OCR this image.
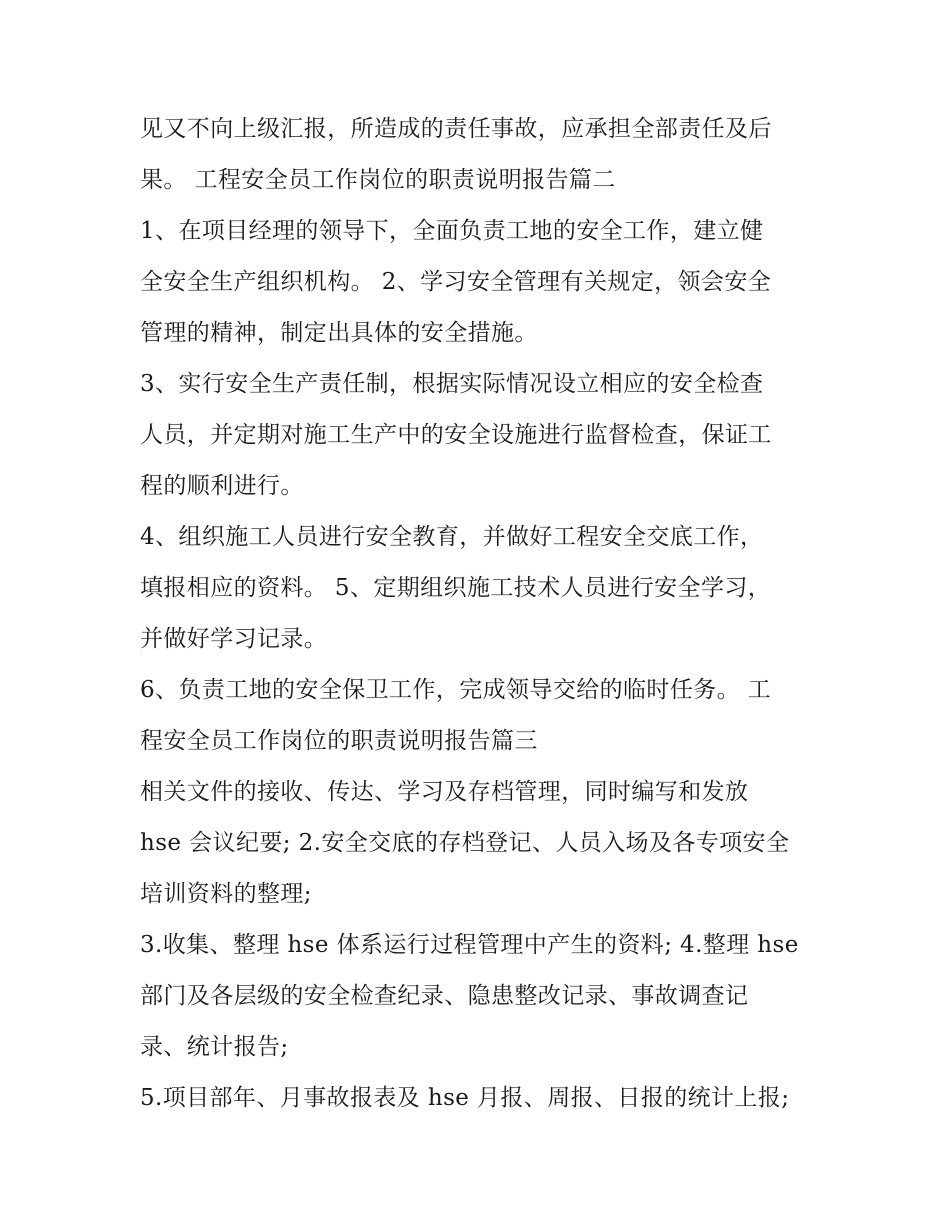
见又不向上级汇报，所造成的责任事故，应承担全部责任及后
果。 工程安全员工作岗位的职责说明报告篇二
1、在项目经理的领导下，全面负责工地的安全工作，建立健
全安全生产组织机构。 2、学习安全管理有关规定，领会安全
管理的精神，制定出具体的安全措施。
3、实行安全生产责任制，根据实际情况设立相应的安全检查
人员，并定期对施工生产中的安全设施进行监督检查，保证工
程的顺利进行。
4、组织施工人员进行安全教育，并做好工程安全交底工作，
填报相应的资料。 5、定期组织施工技术人员进行安全学习，
并做好学习记录。
6、负责工地的安全保卫工作，完成领导交给的临时任务。 工
程安全员工作岗位的职责说明报告篇三
相关文件的接收、传达、学习及存档管理，同时编写和发放
hse 会议纪要; 2.安全交底的存档登记、人员入场及各专项安全
培训资料的整理;
3.收集、整理 hse 体系运行过程管理中产生的资料; 4.整理 hse
部门及各层级的安全检查纪录、隐患整改记录、事故调查记
录、统计报告;
5.项目部年、月事故报表及 hse 月报、周报、日报的统计上报;
